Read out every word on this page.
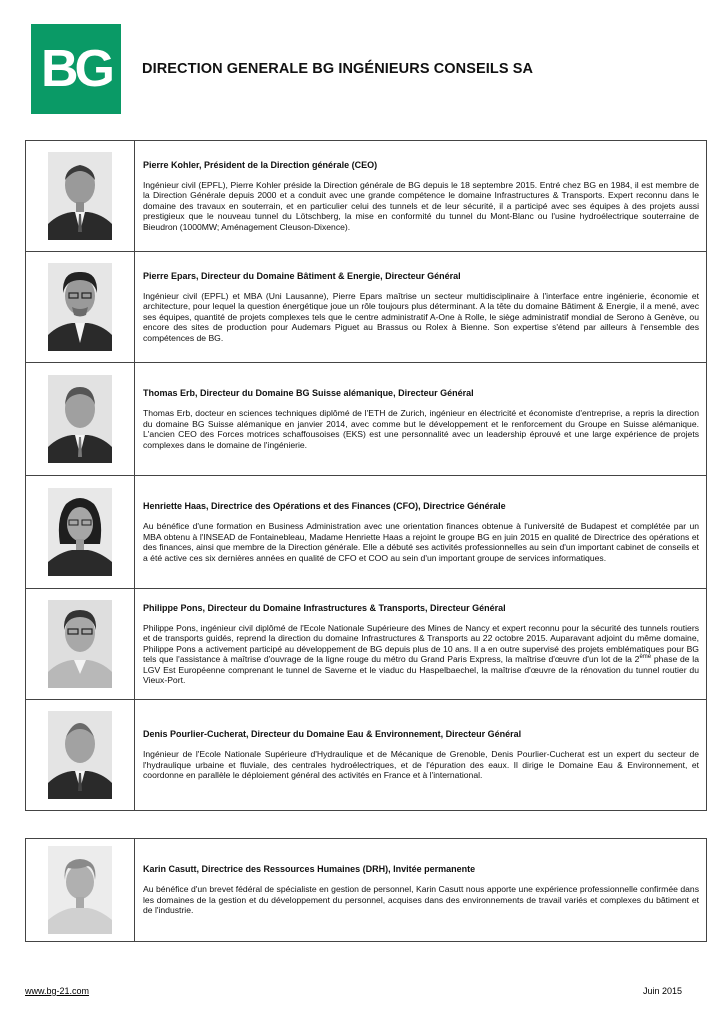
BG DIRECTION GENERALE BG INGÉNIEURS CONSEILS SA

Pierre Kohler, Président de la Direction générale (CEO)

Ingénieur civil (EPFL), Pierre Kohler préside la Direction générale de BG depuis le 18 septembre 2015. Entré chez BG en 1984, il est membre de la Direction Générale depuis 2000 et a conduit avec une grande compétence le domaine Infrastructures & Transports. Expert reconnu dans le domaine des travaux en souterrain, et en particulier celui des tunnels et de leur sécurité, il a participé avec ses équipes à des projets aussi prestigieux que le nouveau tunnel du Lötschberg, la mise en conformité du tunnel du Mont-Blanc ou l'usine hydroélectrique souterraine de Bieudron (1000MW; Aménagement Cleuson-Dixence).

Pierre Epars, Directeur du Domaine Bâtiment & Energie, Directeur Général

Ingénieur civil (EPFL) et MBA (Uni Lausanne), Pierre Epars maîtrise un secteur multidisciplinaire à l'interface entre ingénierie, économie et architecture, pour lequel la question énergétique joue un rôle toujours plus déterminant. A la tête du domaine Bâtiment & Energie, il a mené, avec ses équipes, quantité de projets complexes tels que le centre administratif A-One à Rolle, le siège administratif mondial de Serono à Genève, ou encore des sites de production pour Audemars Piguet au Brassus ou Rolex à Bienne. Son expertise s'étend par ailleurs à l'ensemble des compétences de BG.

Thomas Erb, Directeur du Domaine BG Suisse alémanique, Directeur Général

Thomas Erb, docteur en sciences techniques diplômé de l'ETH de Zurich, ingénieur en électricité et économiste d'entreprise, a repris la direction du domaine BG Suisse alémanique en janvier 2014, avec comme but le développement et le renforcement du Groupe en Suisse alémanique. L'ancien CEO des Forces motrices schaffousoises (EKS) est une personnalité avec un leadership éprouvé et une large expérience de projets complexes dans le domaine de l'ingénierie.

Henriette Haas, Directrice des Opérations et des Finances (CFO), Directrice Générale

Au bénéfice d'une formation en Business Administration avec une orientation finances obtenue à l'université de Budapest et complétée par un MBA obtenu à l'INSEAD de Fontainebleau, Madame Henriette Haas a rejoint le groupe BG en juin 2015 en qualité de Directrice des opérations et des finances, ainsi que membre de la Direction générale. Elle a débuté ses activités professionnelles au sein d'un important cabinet de conseils et a été active ces six dernières années en qualité de CFO et COO au sein d'un important groupe de services informatiques.

Philippe Pons, Directeur du Domaine Infrastructures & Transports, Directeur Général

Philippe Pons, ingénieur civil diplômé de l'Ecole Nationale Supérieure des Mines de Nancy et expert reconnu pour la sécurité des tunnels routiers et de transports guidés, reprend la direction du domaine Infrastructures & Transports au 22 octobre 2015. Auparavant adjoint du même domaine, Philippe Pons a activement participé au développement de BG depuis plus de 10 ans. Il a en outre supervisé des projets emblématiques pour BG tels que l'assistance à maîtrise d'ouvrage de la ligne rouge du métro du Grand Paris Express, la maîtrise d'œuvre d'un lot de la 2ème phase de la LGV Est Européenne comprenant le tunnel de Saverne et le viaduc du Haspelbaechel, la maîtrise d'œuvre de la rénovation du tunnel routier du Vieux-Port.

Denis Pourlier-Cucherat, Directeur du Domaine Eau & Environnement, Directeur Général

Ingénieur de l'Ecole Nationale Supérieure d'Hydraulique et de Mécanique de Grenoble, Denis Pourlier-Cucherat est un expert du secteur de l'hydraulique urbaine et fluviale, des centrales hydroélectriques, et de l'épuration des eaux. Il dirige le Domaine Eau & Environnement, et coordonne en parallèle le déploiement général des activités en France et à l'international.

Karin Casutt, Directrice des Ressources Humaines (DRH), Invitée permanente

Au bénéfice d'un brevet fédéral de spécialiste en gestion de personnel, Karin Casutt nous apporte une expérience professionnelle confirmée dans les domaines de la gestion et du développement du personnel, acquises dans des environnements de travail variés et complexes du bâtiment et de l'industrie.

www.bg-21.com	Juin 2015
